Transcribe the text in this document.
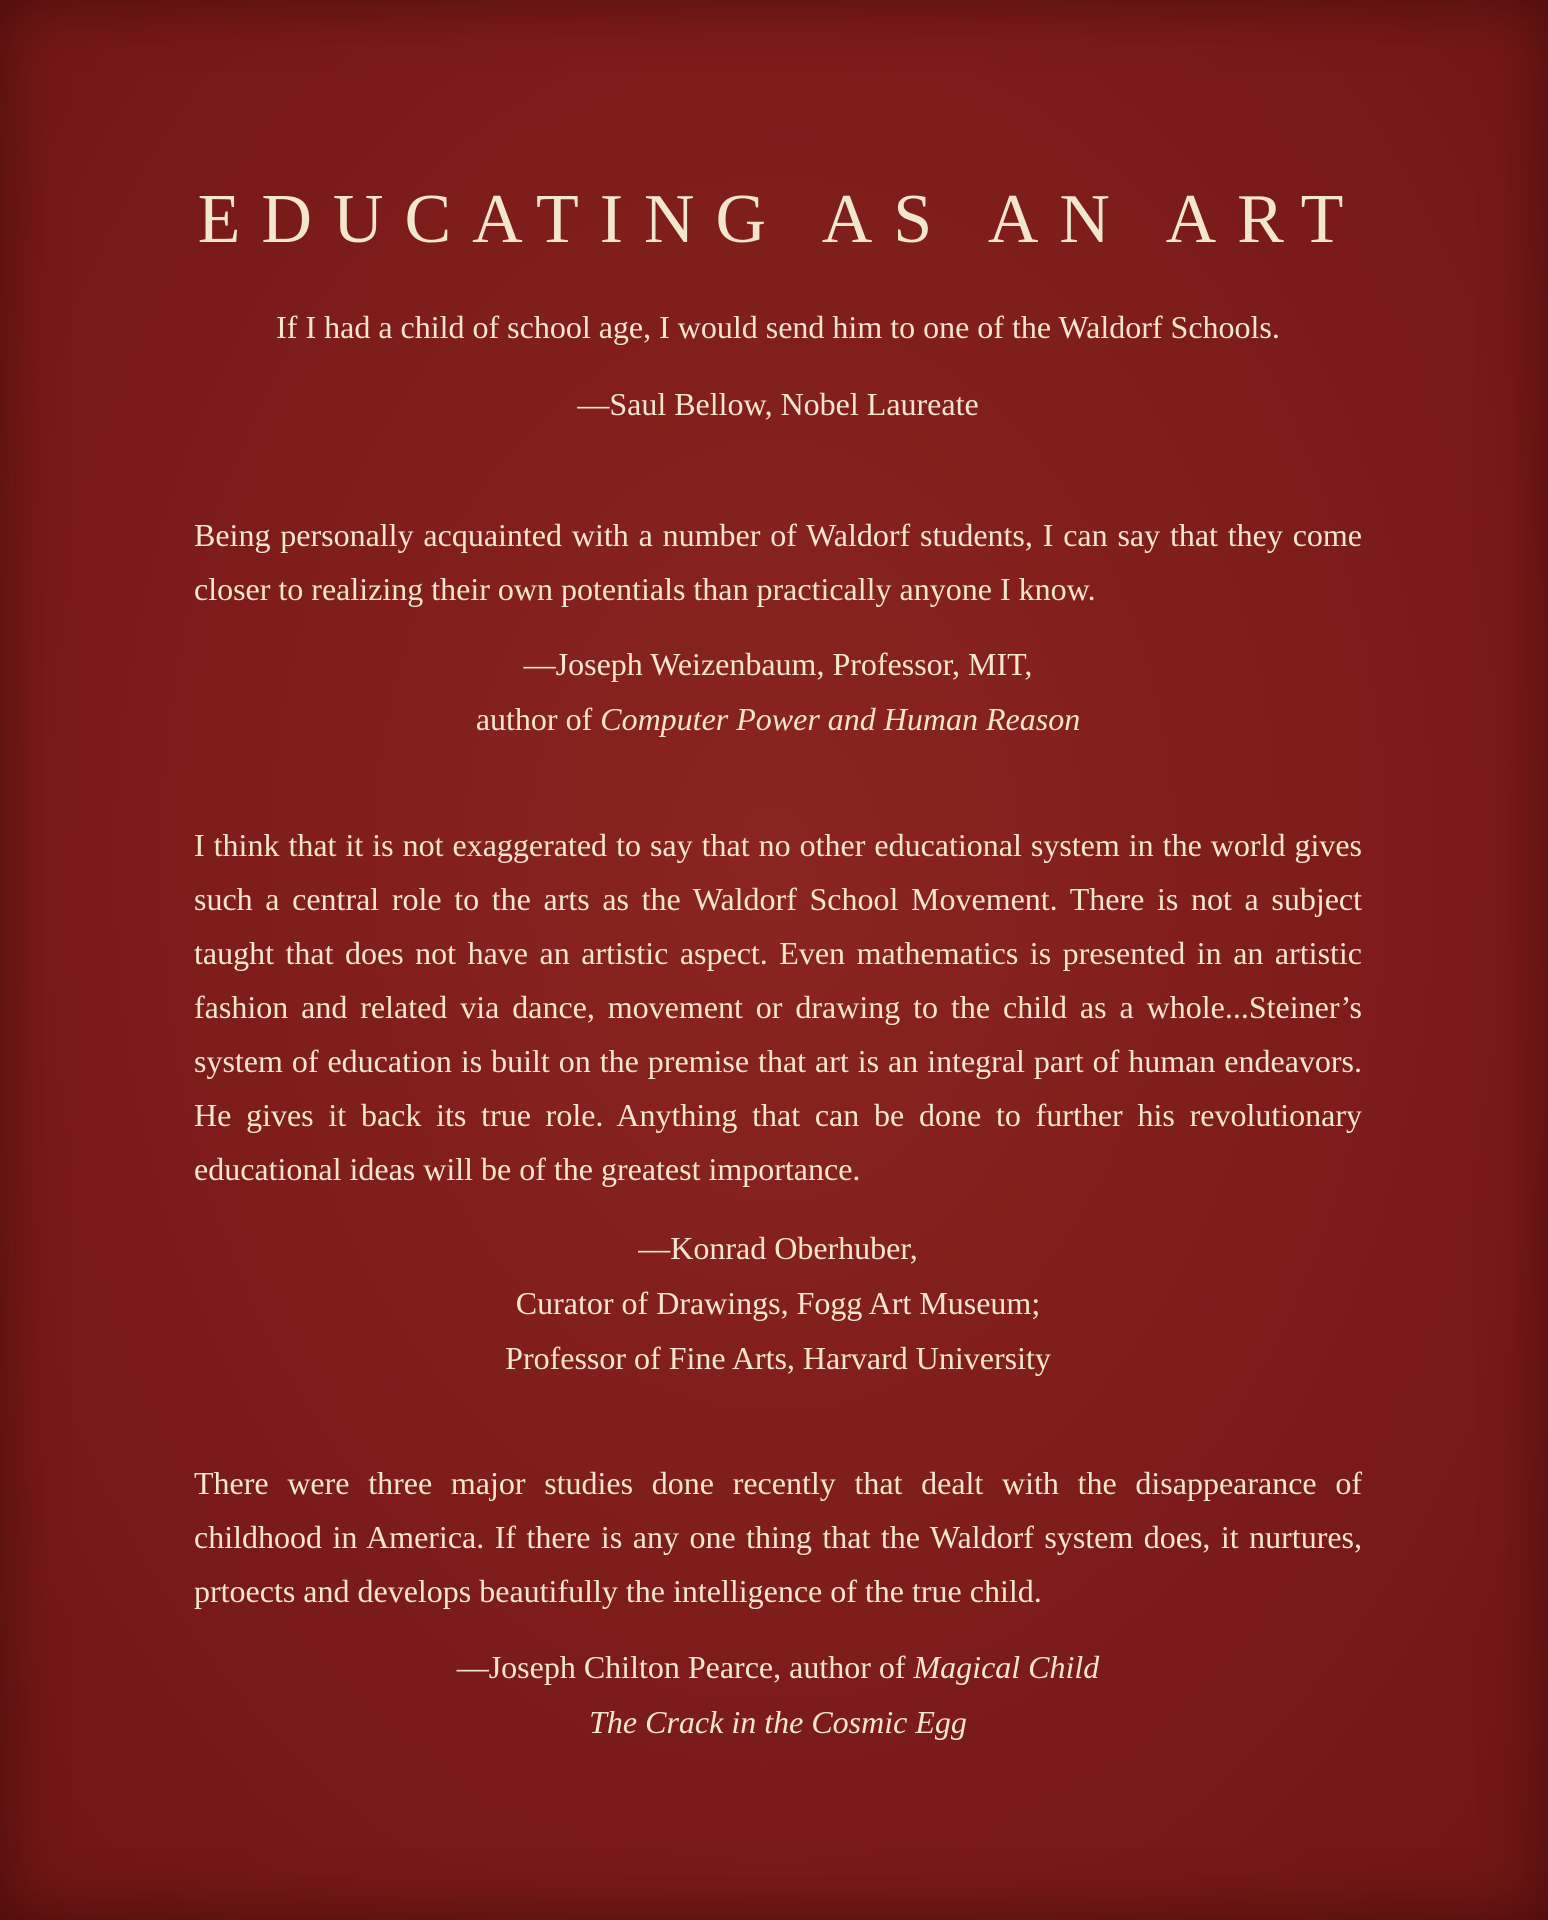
EDUCATING AS AN ART

If I had a child of school age, I would send him to one of the Waldorf Schools.

—Saul Bellow, Nobel Laureate

Being personally acquainted with a number of Waldorf students, I can say that they come closer to realizing their own potentials than practically anyone I know.

—Joseph Weizenbaum, Professor, MIT,

author of Computer Power and Human Reason

I think that it is not exaggerated to say that no other educational system in the world gives such a central role to the arts as the Waldorf School Movement. There is not a subject taught that does not have an artistic aspect. Even mathematics is presented in an artistic fashion and related via dance, movement or drawing to the child as a whole...Steiner’s system of education is built on the premise that art is an integral part of human endeavors. He gives it back its true role. Anything that can be done to further his revolutionary educational ideas will be of the greatest importance.

—Konrad Oberhuber,

Curator of Drawings, Fogg Art Museum;

Professor of Fine Arts, Harvard University

There were three major studies done recently that dealt with the disappearance of childhood in America. If there is any one thing that the Waldorf system does, it nurtures, prtoects and develops beautifully the intelligence of the true child.

—Joseph Chilton Pearce, author of Magical Child

The Crack in the Cosmic Egg
